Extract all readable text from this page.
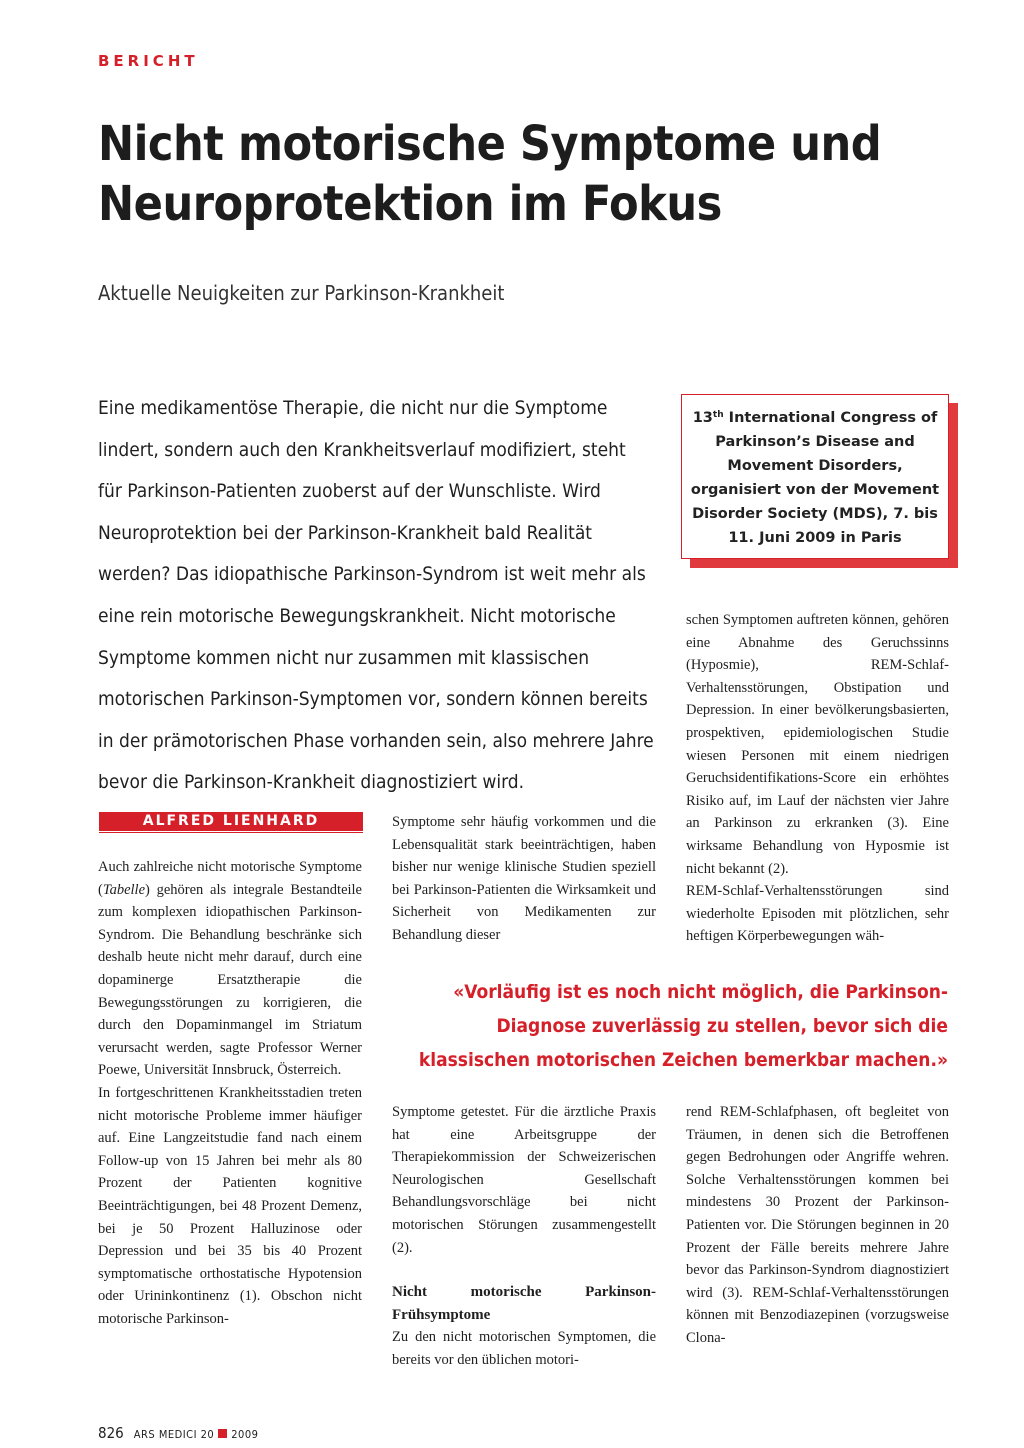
BERICHT
Nicht motorische Symptome und
Neuroprotektion im Fokus

Aktuelle Neuigkeiten zur Parkinson-Krankheit

Eine medikamentöse Therapie, die nicht nur die Symptome lindert, sondern auch den Krankheitsverlauf modifiziert, steht für Parkinson-Patienten zuoberst auf der Wunschliste. Wird Neuroprotektion bei der Parkinson-Krankheit bald Realität werden? Das idiopathische Parkinson-Syndrom ist weit mehr als eine rein motorische Bewegungskrankheit. Nicht motorische Symptome kommen nicht nur zusammen mit klassischen motorischen Parkinson-Symptomen vor, sondern können bereits in der prämotorischen Phase vorhanden sein, also mehrere Jahre bevor die Parkinson-Krankheit diagnostiziert wird.

13th International Congress of Parkinson’s Disease and Movement Disorders, organisiert von der Movement Disorder Society (MDS), 7. bis 11. Juni 2009 in Paris

ALFRED LIENHARD

Auch zahlreiche nicht motorische Symptome (Tabelle) gehören als integrale Bestandteile zum komplexen idiopathischen Parkinson-Syndrom. Die Behandlung beschränke sich deshalb heute nicht mehr darauf, durch eine dopaminerge Ersatztherapie die Bewegungsstörungen zu korrigieren, die durch den Dopaminmangel im Striatum verursacht werden, sagte Professor Werner Poewe, Universität Innsbruck, Österreich.

In fortgeschrittenen Krankheitsstadien treten nicht motorische Probleme immer häufiger auf. Eine Langzeitstudie fand nach einem Follow-up von 15 Jahren bei mehr als 80 Prozent der Patienten kognitive Beeinträchtigungen, bei 48 Prozent Demenz, bei je 50 Prozent Halluzinose oder Depression und bei 35 bis 40 Prozent symptomatische orthostatische Hypotension oder Urininkontinenz (1). Obschon nicht motorische Parkinson-

Symptome sehr häufig vorkommen und die Lebensqualität stark beeinträchtigen, haben bisher nur wenige klinische Studien speziell bei Parkinson-Patienten die Wirksamkeit und Sicherheit von Medikamenten zur Behandlung dieser

schen Symptomen auftreten können, gehören eine Abnahme des Geruchssinns (Hyposmie), REM-Schlaf-Verhaltensstörungen, Obstipation und Depression. In einer bevölkerungsbasierten, prospektiven, epidemiologischen Studie wiesen Personen mit einem niedrigen Geruchsidentifikations-Score ein erhöhtes Risiko auf, im Lauf der nächsten vier Jahre an Parkinson zu erkranken (3). Eine wirksame Behandlung von Hyposmie ist nicht bekannt (2).

REM-Schlaf-Verhaltensstörungen sind wiederholte Episoden mit plötzlichen, sehr heftigen Körperbewegungen wäh-

«Vorläufig ist es noch nicht möglich, die Parkinson-Diagnose zuverlässig zu stellen, bevor sich die klassischen motorischen Zeichen bemerkbar machen.»

Symptome getestet. Für die ärztliche Praxis hat eine Arbeitsgruppe der Therapiekommission der Schweizerischen Neurologischen Gesellschaft Behandlungsvorschläge bei nicht motorischen Störungen zusammengestellt (2).

Nicht motorische Parkinson-Frühsymptome

Zu den nicht motorischen Symptomen, die bereits vor den üblichen motori-

rend REM-Schlafphasen, oft begleitet von Träumen, in denen sich die Betroffenen gegen Bedrohungen oder Angriffe wehren. Solche Verhaltensstörungen kommen bei mindestens 30 Prozent der Parkinson-Patienten vor. Die Störungen beginnen in 20 Prozent der Fälle bereits mehrere Jahre bevor das Parkinson-Syndrom diagnostiziert wird (3). REM-Schlaf-Verhaltensstörungen können mit Benzodiazepinen (vorzugsweise Clona-

826 ARS MEDICI 20 2009
